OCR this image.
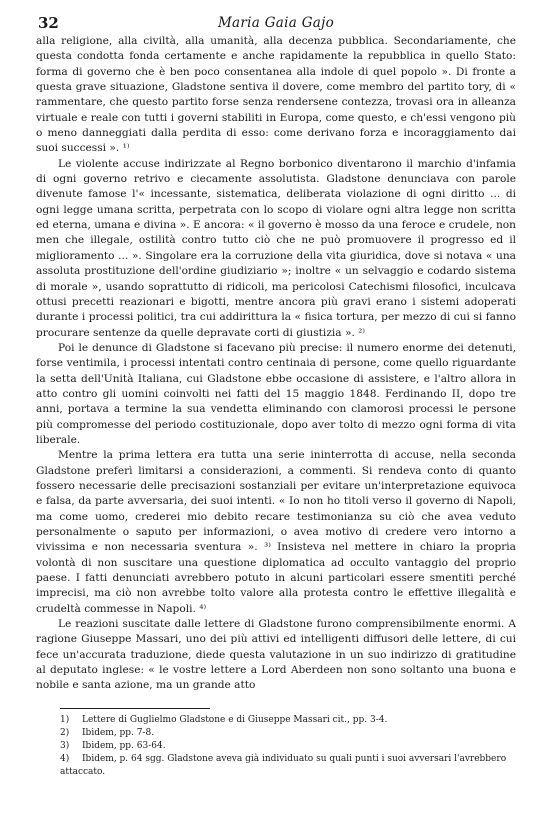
32	Maria Gaia Gajo

alla religione, alla civiltà, alla umanità, alla decenza pubblica. Secondariamente, che questa condotta fonda certamente e anche rapidamente la repubblica in quello Stato: forma di governo che è ben poco consentanea alla indole di quel popolo ». Di fronte a questa grave situazione, Gladstone sentiva il dovere, come membro del partito tory, di « rammentare, che questo partito forse senza rendersene contezza, trovasi ora in alleanza virtuale e reale con tutti i governi stabiliti in Europa, come questo, e ch'essi vengono più o meno danneggiati dalla perdita di esso: come derivano forza e incoraggiamento dai suoi successi ». ¹⁾

Le violente accuse indirizzate al Regno borbonico diventarono il marchio d'infamia di ogni governo retrivo e ciecamente assolutista. Gladstone denunciava con parole divenute famose l'« incessante, sistematica, deliberata violazione di ogni diritto ... di ogni legge umana scritta, perpetrata con lo scopo di violare ogni altra legge non scritta ed eterna, umana e divina ». E ancora: « il governo è mosso da una feroce e crudele, non men che illegale, ostilità contro tutto ciò che ne può promuovere il progresso ed il miglioramento ... ». Singolare era la corruzione della vita giuridica, dove si notava « una assoluta prostituzione dell'ordine giudiziario »; inoltre « un selvaggio e codardo sistema di morale », usando soprattutto di ridicoli, ma pericolosi Catechismi filosofici, inculcava ottusi precetti reazionari e bigotti, mentre ancora più gravi erano i sistemi adoperati durante i processi politici, tra cui addirittura la « fisica tortura, per mezzo di cui si fanno procurare sentenze da quelle depravate corti di giustizia ». ²⁾

Poi le denunce di Gladstone si facevano più precise: il numero enorme dei detenuti, forse ventimila, i processi intentati contro centinaia di persone, come quello riguardante la setta dell'Unità Italiana, cui Gladstone ebbe occasione di assistere, e l'altro allora in atto contro gli uomini coinvolti nei fatti del 15 maggio 1848. Ferdinando II, dopo tre anni, portava a termine la sua vendetta eliminando con clamorosi processi le persone più compromesse del periodo costituzionale, dopo aver tolto di mezzo ogni forma di vita liberale.

Mentre la prima lettera era tutta una serie ininterrotta di accuse, nella seconda Gladstone preferì limitarsi a considerazioni, a commenti. Si rendeva conto di quanto fossero necessarie delle precisazioni sostanziali per evitare un'interpretazione equivoca e falsa, da parte avversaria, dei suoi intenti. « Io non ho titoli verso il governo di Napoli, ma come uomo, crederei mio debito recare testimonianza su ciò che avea veduto personalmente o saputo per informazioni, o avea motivo di credere vero intorno a vivissima e non necessaria sventura ». ³⁾ Insisteva nel mettere in chiaro la propria volontà di non suscitare una questione diplomatica ad occulto vantaggio del proprio paese. I fatti denunciati avrebbero potuto in alcuni particolari essere smentiti perché imprecisi, ma ciò non avrebbe tolto valore alla protesta contro le effettive illegalità e crudeltà commesse in Napoli. ⁴⁾

Le reazioni suscitate dalle lettere di Gladstone furono comprensibilmente enormi. A ragione Giuseppe Massari, uno dei più attivi ed intelligenti diffusori delle lettere, di cui fece un'accurata traduzione, diede questa valutazione in un suo indirizzo di gratitudine al deputato inglese: « le vostre lettere a Lord Aberdeen non sono soltanto una buona e nobile e santa azione, ma un grande atto

1) Lettere di Guglielmo Gladstone e di Giuseppe Massari cit., pp. 3-4.

2) Ibidem, pp. 7-8.

3) Ibidem, pp. 63-64.

4) Ibidem, p. 64 sgg. Gladstone aveva già individuato su quali punti i suoi avversari l'avrebbero attaccato.
